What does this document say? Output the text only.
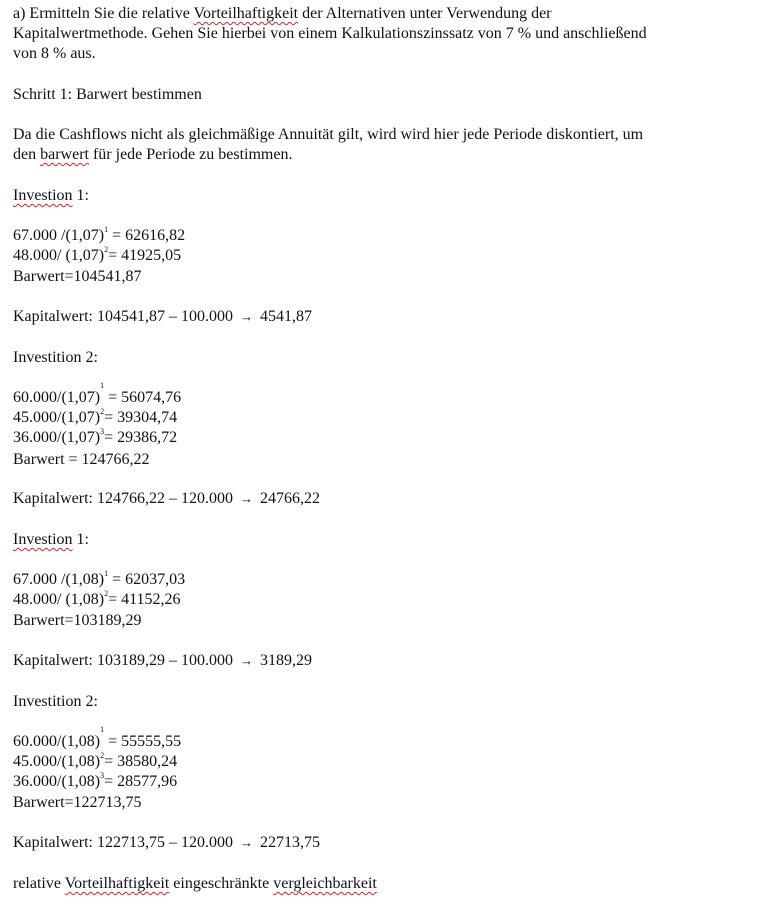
a) Ermitteln Sie die relative Vorteilhaftigkeit der Alternativen unter Verwendung der
Kapitalwertmethode. Gehen Sie hierbei von einem Kalkulationszinssatz von 7 % und anschließend
von 8 % aus.
Schritt 1: Barwert bestimmen
Da die Cashflows nicht als gleichmäßige Annuität gilt, wird wird hier jede Periode diskontiert, um
den barwert für jede Periode zu bestimmen.
Investion 1:
67.000 $/(1,07)^1 = 62616,82$
48.000/ $(1,07)^2= 41925,05$
Barwert=104541,87
Kapitalwert: 104541,87 – 100.000 → 4541,87
Investition 2:
$60.000/(1,07)^1 = 56074,76$
$45.000/(1,07)^2= 39304,74$
$36.000/(1,07)^3= 29386,72$
Barwert = 124766,22
Kapitalwert: 124766,22 – 120.000 → 24766,22
Investion 1:
67.000 $/(1,08)^1 = 62037,03$
48.000/ $(1,08)^2= 41152,26$
Barwert=103189,29
Kapitalwert: 103189,29 – 100.000 → 3189,29
Investition 2:
$60.000/(1,08)^1 = 55555,55$
$45.000/(1,08)^2= 38580,24$
$36.000/(1,08)^3= 28577,96$
Barwert=122713,75
Kapitalwert: 122713,75 – 120.000 → 22713,75
relative Vorteilhaftigkeit eingeschränkte vergleichbarkeit
